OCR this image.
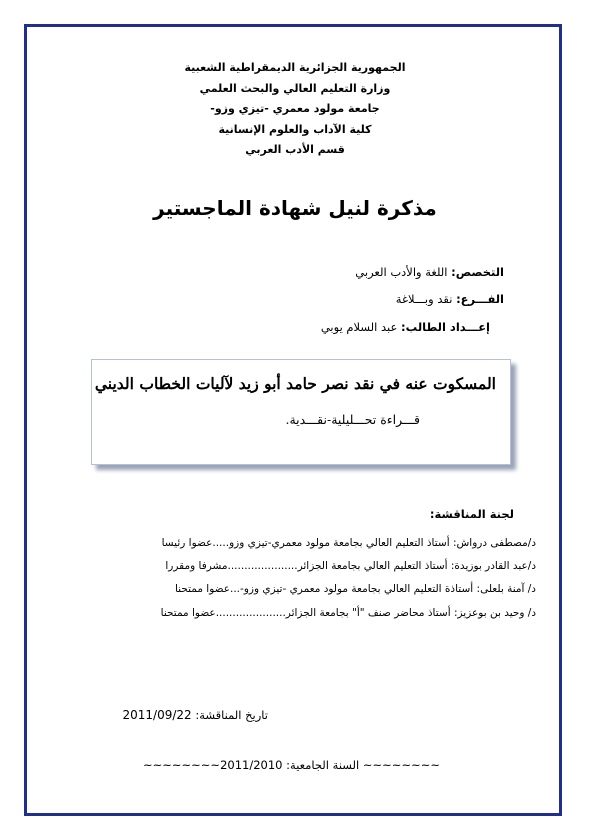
الجمهورية الجزائرية الديمقراطية الشعبية
وزارة التعليم العالي والبحث العلمي
جامعة مولود معمري -تيزي وزو-
كلية الآداب والعلوم الإنسانية
قسم الأدب العربي
مذكرة لنيل شهادة الماجستير
التخصص: اللغة والأدب العربي
الفـــرع: نقد وبـــلاغة
إعـــداد الطالب: عبد السلام يوبي
المسكوت عنه في نقد نصر حامد أبو زيد لآليات الخطاب الديني
قـــراءة تحـــليلية-نقـــدية.
لجنة المناقشة:
د/مصطفى درواش: أستاذ التعليم العالي بجامعة مولود معمري-تيزي وزو.....عضوا رئيسا
د/عبد القادر بوزيدة: أستاذ التعليم العالي بجامعة الجزائر.....................مشرفا ومقررا
د/ آمنة بلعلى: أستاذة التعليم العالي بجامعة مولود معمري -تيزي وزو-...عضوا ممتحنا
د/ وحيد بن بوعزيز: أستاذ محاضر صنف "أ" بجامعة الجزائر.....................عضوا ممتحنا
تاريخ المناقشة: 2011/09/22
~~~~~~~~ السنة الجامعية: 2011/2010~~~~~~~~
